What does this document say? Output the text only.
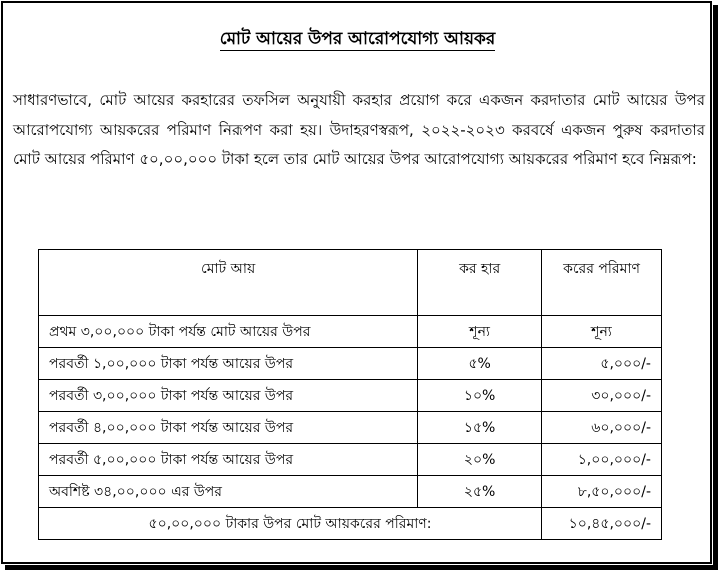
মোট আয়ের উপর আরোপযোগ্য আয়কর
সাধারণভাবে, মোট আয়ের করহারের তফসিল অনুযায়ী করহার প্রয়োগ করে একজন করদাতার মোট আয়ের উপর আরোপযোগ্য আয়করের পরিমাণ নিরূপণ করা হয়। উদাহরণস্বরূপ, ২০২২-২০২৩ করবর্ষে একজন পুরুষ করদাতার মোট আয়ের পরিমাণ ৫০,০০,০০০ টাকা হলে তার মোট আয়ের উপর আরোপযোগ্য আয়করের পরিমাণ হবে নিম্নরূপ:
মোট আয়	কর হার	করের পরিমাণ
প্রথম ৩,০০,০০০ টাকা পর্যন্ত মোট আয়ের উপর	শূন্য	শূন্য
পরবর্তী ১,০০,০০০ টাকা পর্যন্ত আয়ের উপর	৫%	৫,০০০/-
পরবর্তী ৩,০০,০০০ টাকা পর্যন্ত আয়ের উপর	১০%	৩০,০০০/-
পরবর্তী ৪,০০,০০০ টাকা পর্যন্ত আয়ের উপর	১৫%	৬০,০০০/-
পরবর্তী ৫,০০,০০০ টাকা পর্যন্ত আয়ের উপর	২০%	১,০০,০০০/-
অবশিষ্ট ৩৪,০০,০০০ এর উপর	২৫%	৮,৫০,০০০/-
৫০,০০,০০০ টাকার উপর মোট আয়করের পরিমাণ:		১০,৪৫,০০০/-
